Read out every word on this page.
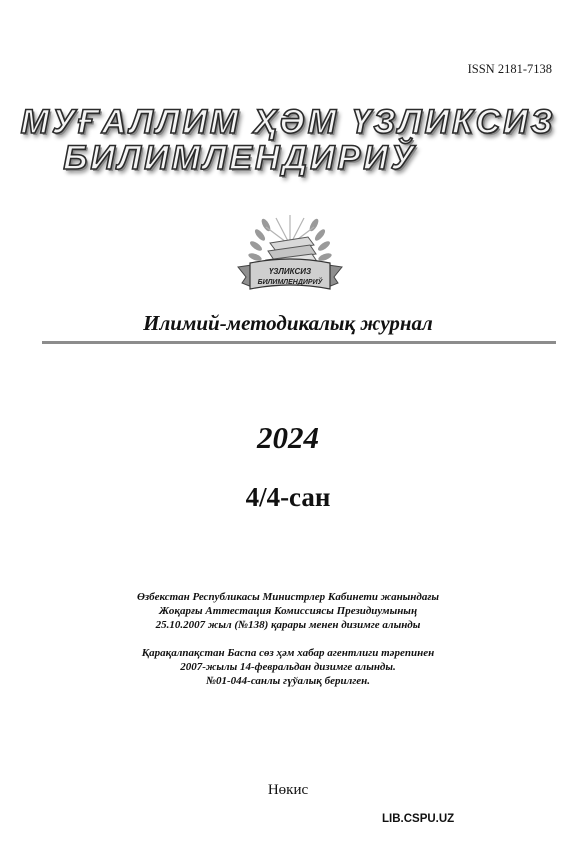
ISSN 2181-7138
МУҒАЛЛИМ ҲӘМ ҮЗЛИКСИЗ
БИЛИМЛЕНДИРИЎ
ҮЗЛИКСИЗ
БИЛИМЛЕНДИРИЎ
Илимий-методикалық журнал
2024
4/4-сан
Өзбекстан Республикасы Министрлер Кабинети жанындағы
Жоқарғы Аттестация Комиссиясы Президиумының
25.10.2007 жыл (№138) қарары менен дизимге алынды
Қарақалпақстан Баспа сөз ҳәм хабар агентлиги тәрепинен
2007-жылы 14-февральдан дизимге алынды.
№01-044-санлы гүўалық берилген.
Нөкис
LIB.CSPU.UZ
